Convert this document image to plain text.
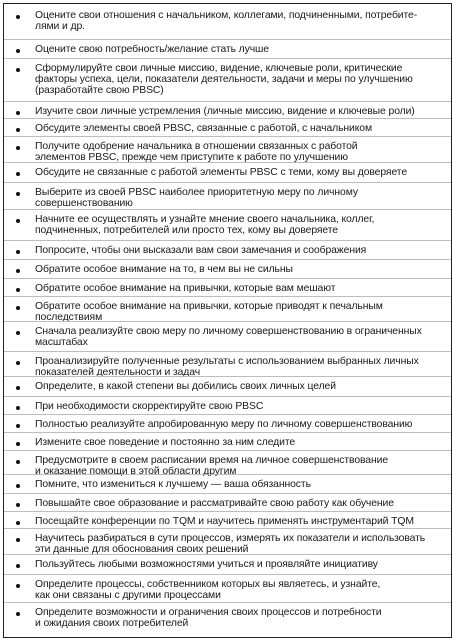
Оцените свои отношения с начальником, коллегами, подчиненными, потребите-
лями и др.
Оцените свою потребность/желание стать лучше
Сформулируйте свои личные миссию, видение, ключевые роли, критические
факторы успеха, цели, показатели деятельности, задачи и меры по улучшению
(разработайте свою PBSC)
Изучите свои личные устремления (личные миссию, видение и ключевые роли)
Обсудите элементы своей PBSC, связанные с работой, с начальником
Получите одобрение начальника в отношении связанных с работой
элементов PBSC, прежде чем приступите к работе по улучшению
Обсудите не связанные с работой элементы PBSC с теми, кому вы доверяете
Выберите из своей PBSC наиболее приоритетную меру по личному
совершенствованию
Начните ее осуществлять и узнайте мнение своего начальника, коллег,
подчиненных, потребителей или просто тех, кому вы доверяете
Попросите, чтобы они высказали вам свои замечания и соображения
Обратите особое внимание на то, в чем вы не сильны
Обратите особое внимание на привычки, которые вам мешают
Обратите особое внимание на привычки, которые приводят к печальным
последствиям
Сначала реализуйте свою меру по личному совершенствованию в ограниченных
масштабах
Проанализируйте полученные результаты с использованием выбранных личных
показателей деятельности и задач
Определите, в какой степени вы добились своих личных целей
При необходимости скорректируйте свою PBSC
Полностью реализуйте апробированную меру по личному совершенствованию
Измените свое поведение и постоянно за ним следите
Предусмотрите в своем расписании время на личное совершенствование
и оказание помощи в этой области другим
Помните, что измениться к лучшему — ваша обязанность
Повышайте свое образование и рассматривайте свою работу как обучение
Посещайте конференции по TQM и научитесь применять инструментарий TQM
Научитесь разбираться в сути процессов, измерять их показатели и использовать
эти данные для обоснования своих решений
Пользуйтесь любыми возможностями учиться и проявляйте инициативу
Определите процессы, собственником которых вы являетесь, и узнайте,
как они связаны с другими процессами
Определите возможности и ограничения своих процессов и потребности
и ожидания своих потребителей
